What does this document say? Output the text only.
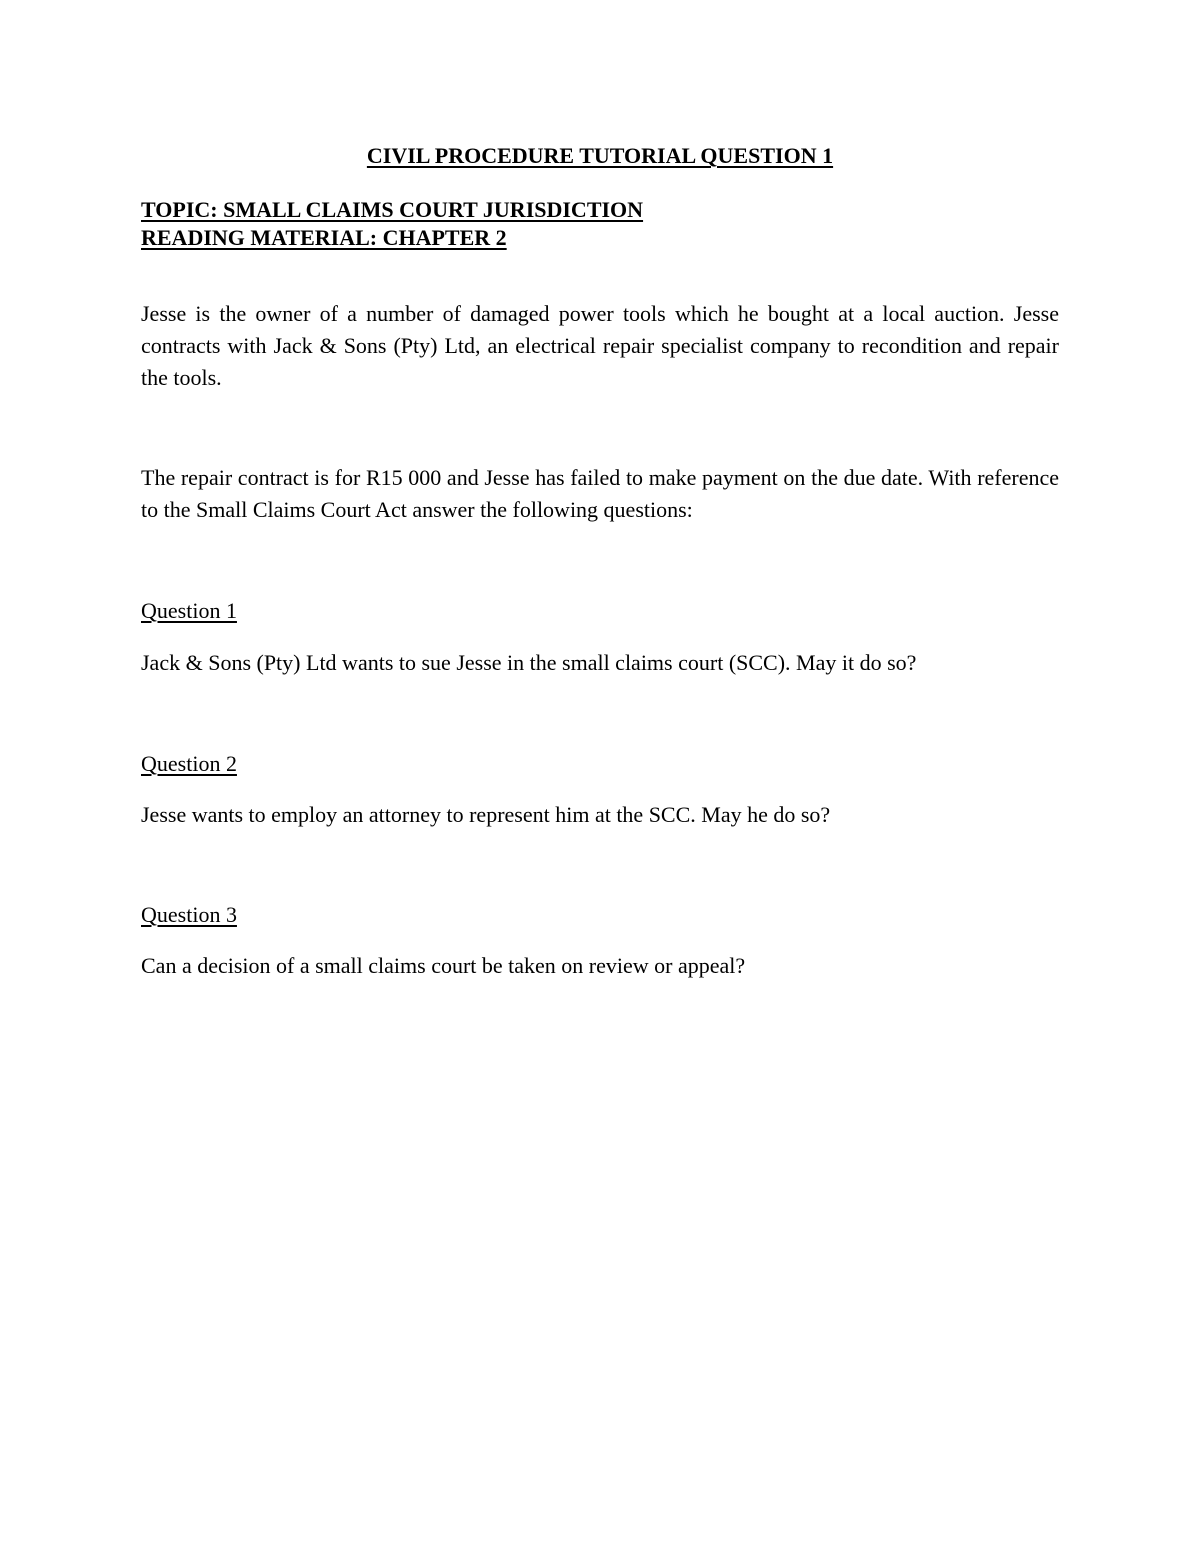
CIVIL PROCEDURE TUTORIAL QUESTION 1

TOPIC: SMALL CLAIMS COURT JURISDICTION

READING MATERIAL: CHAPTER 2

Jesse is the owner of a number of damaged power tools which he bought at a local auction. Jesse contracts with Jack & Sons (Pty) Ltd, an electrical repair specialist company to recondition and repair the tools.

The repair contract is for R15 000 and Jesse has failed to make payment on the due date. With reference to the Small Claims Court Act answer the following questions:

Question 1

Jack & Sons (Pty) Ltd wants to sue Jesse in the small claims court (SCC). May it do so?

Question 2

Jesse wants to employ an attorney to represent him at the SCC. May he do so?

Question 3

Can a decision of a small claims court be taken on review or appeal?
